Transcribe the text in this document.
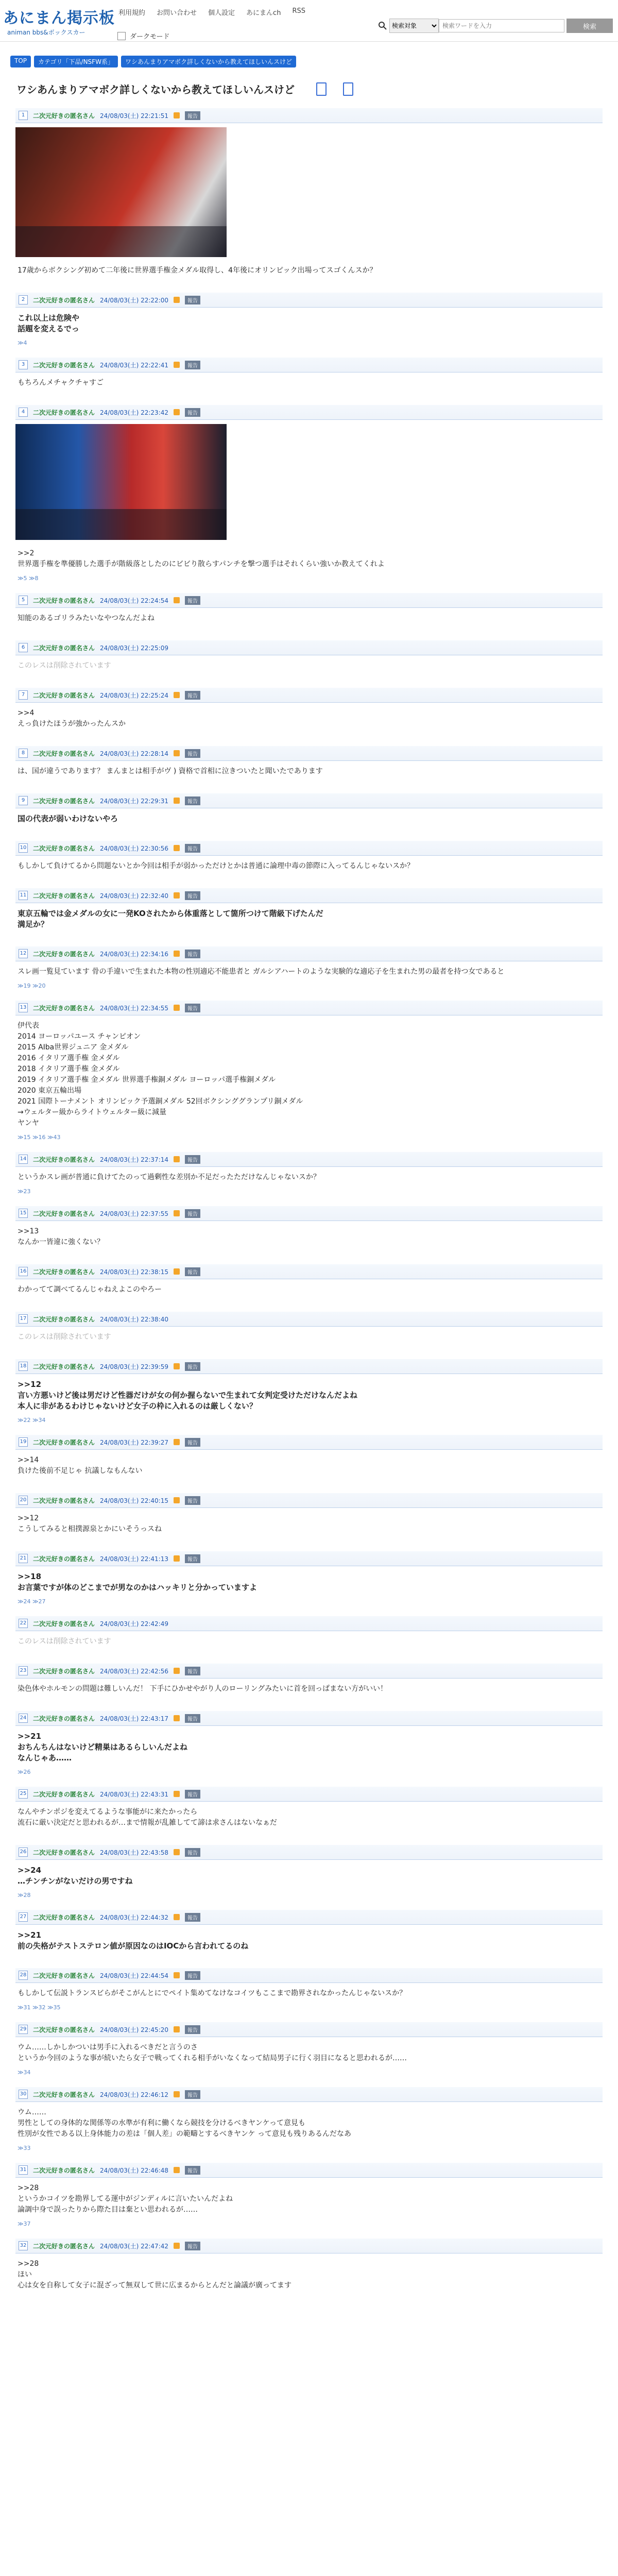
あにまん掲示板
animan bbs&ボックスカー
利用規約 お問い合わせ 個人設定 あにまんch RSS
ダークモード
検索対象
検索ワードを入力
検索
TOP	カテゴリ「下品/NSFW系」	ワシあんまりアマボク詳しくないから教えてほしいんスけど
ワシあんまりアマボク詳しくないから教えてほしいんスけど
1	二次元好きの匿名さん 24/08/03(土) 22:21:51	報告
17歳からボクシング初めて二年後に世界選手権金メダル取得し、4年後にオリンピック出場ってスゴくんスか？
2	二次元好きの匿名さん 24/08/03(土) 22:22:00	報告
これ以上は危険や
話題を変えるでっ
≫4
3	二次元好きの匿名さん 24/08/03(土) 22:22:41	報告
もちろんメチャクチャすご
4	二次元好きの匿名さん 24/08/03(土) 22:23:42	報告
>>2
世界選手権を準優勝した選手が階級落としたのにビビり散らすパンチを撃つ選手はそれくらい強いか教えてくれよ
≫5 ≫8
5	二次元好きの匿名さん 24/08/03(土) 22:24:54	報告
知能のあるゴリラみたいなやつなんだよね
6	二次元好きの匿名さん 24/08/03(土) 22:25:09
このレスは削除されています
7	二次元好きの匿名さん 24/08/03(土) 22:25:24	報告
>>4
えっ負けたほうが強かったんスか
8	二次元好きの匿名さん 24/08/03(土) 22:28:14	報告
は、国が違うであります？ まんまとは相手がヴ ) 資格で首相に泣きついたと聞いたであります
9	二次元好きの匿名さん 24/08/03(土) 22:29:31	報告
国の代表が弱いわけないやろ
10 二次元好きの匿名さん 24/08/03(土) 22:30:56	報告
もしかして負けてるから問題ないとか今回は相手が弱かっただけとかは普通に論理中毒の節際に入ってるんじゃないスか？
11 二次元好きの匿名さん 24/08/03(土) 22:32:40	報告
東京五輪では金メダルの女に一発KOされたから体重落として箇所つけて階級下げたんだ
満足か？
12 二次元好きの匿名さん 24/08/03(土) 22:34:16	報告
スレ画一覧見ています 骨の手違いで生まれた本物の性別適応不能患者と ガルシアハートのような実験的な適応子を生まれた男の最者を持つ女であると
≫19 ≫20
13 二次元好きの匿名さん 24/08/03(土) 22:34:55	報告
伊代表
2014 ヨーロッパユース チャンピオン
2015 AIba世界ジュニア 金メダル
2016 イタリア選手権 金メダル
2018 イタリア選手権 金メダル
2019 イタリア選手権 金メダル 世界選手権銅メダル ヨーロッパ選手権銅メダル
2020 東京五輪出場
2021 国際トーナメント オリンピック予選銅メダル 52回ボクシンググランプリ銅メダル
→ウェルター級からライトウェルター級に減量
ヤンヤ
≫15 ≫16 ≫43
14 二次元好きの匿名さん 24/08/03(土) 22:37:14	報告
というかスレ画が普通に負けてたのって過剰性な差別か不足だったただけなんじゃないスか？
≫23
15 二次元好きの匿名さん 24/08/03(土) 22:37:55	報告
>>13
なんか一皆違に強くない？
16 二次元好きの匿名さん 24/08/03(土) 22:38:15	報告
わかってて調べてるんじゃねえよこのやろー
17 二次元好きの匿名さん 24/08/03(土) 22:38:40
このレスは削除されています
18 二次元好きの匿名さん 24/08/03(土) 22:39:59	報告
>>12
言い方悪いけど後は男だけど性器だけが女の何か握らないで生まれて女判定受けただけなんだよね
本人に非があるわけじゃないけど女子の枠に入れるのは厳しくない？
≫22 ≫34
19 二次元好きの匿名さん 24/08/03(土) 22:39:27	報告
>>14
負けた後前不足じゃ 抗議しなもんない
20 二次元好きの匿名さん 24/08/03(土) 22:40:15	報告
>>12
こうしてみると相撲源泉とかにいそうっスね
21 二次元好きの匿名さん 24/08/03(土) 22:41:13	報告
>>18
お言葉ですが体のどこまでが男なのかはハッキリと分かっていますよ
≫24 ≫27
22 二次元好きの匿名さん 24/08/03(土) 22:42:49
このレスは削除されています
23 二次元好きの匿名さん 24/08/03(土) 22:42:56	報告
染色体やホルモンの問題は難しいんだ！ 下手にひかせやがり人のローリングみたいに首を回っぱまない方がいい！
24 二次元好きの匿名さん 24/08/03(土) 22:43:17	報告
>>21
おちんちんはないけど精巣はあるらしいんだよね
なんじゃあ……
≫26
25 二次元好きの匿名さん 24/08/03(土) 22:43:31	報告
なんやチンポジを変えてるような事能がに来たかったら
流石に厳い決定だと思われるが…まで情報が乱雑してて諦は求さんはないなぁだ
26 二次元好きの匿名さん 24/08/03(土) 22:43:58	報告
>>24
…チンチンがないだけの男ですね
≫28
27 二次元好きの匿名さん 24/08/03(土) 22:44:32	報告
>>21
前の失格がテストステロン値が原因なのはIOCから言われてるのね
28 二次元好きの匿名さん 24/08/03(土) 22:44:54	報告
もしかして伝説トランスビらがそこがんとにでペイト集めてなけなコイツもここまで勘界されなかったんじゃないスか？
≫31 ≫32 ≫35
29 二次元好きの匿名さん 24/08/03(土) 22:45:20	報告
ウム……しかしかついは男手に入れるべきだと言うのさ
というか今回のような事が続いたら女子で戦ってくれる相手がいなくなって結局男子に行く羽目になると思われるが……
≫34
30 二次元好きの匿名さん 24/08/03(土) 22:46:12	報告
ウム……
男性としての身体的な関係等の水準が有利に働くなら競技を分けるべきヤンケって意見も
性別が女性である以上身体能力の差は「個人差」の範疇とするべきヤンケ って意見も残りあるんだなあ
≫33
31 二次元好きの匿名さん 24/08/03(土) 22:46:48	報告
>>28
というかコイツを勘界してる運中がジンディルに言いたいんだよね
論調中身で誤ったりから際た目は棄とい思われるが……
≫37
32 二次元好きの匿名さん 24/08/03(土) 22:47:42	報告
>>28
ほい
心は女を自称して女子に混ざって無双して世に広まるからとんだと論議が廣ってます
